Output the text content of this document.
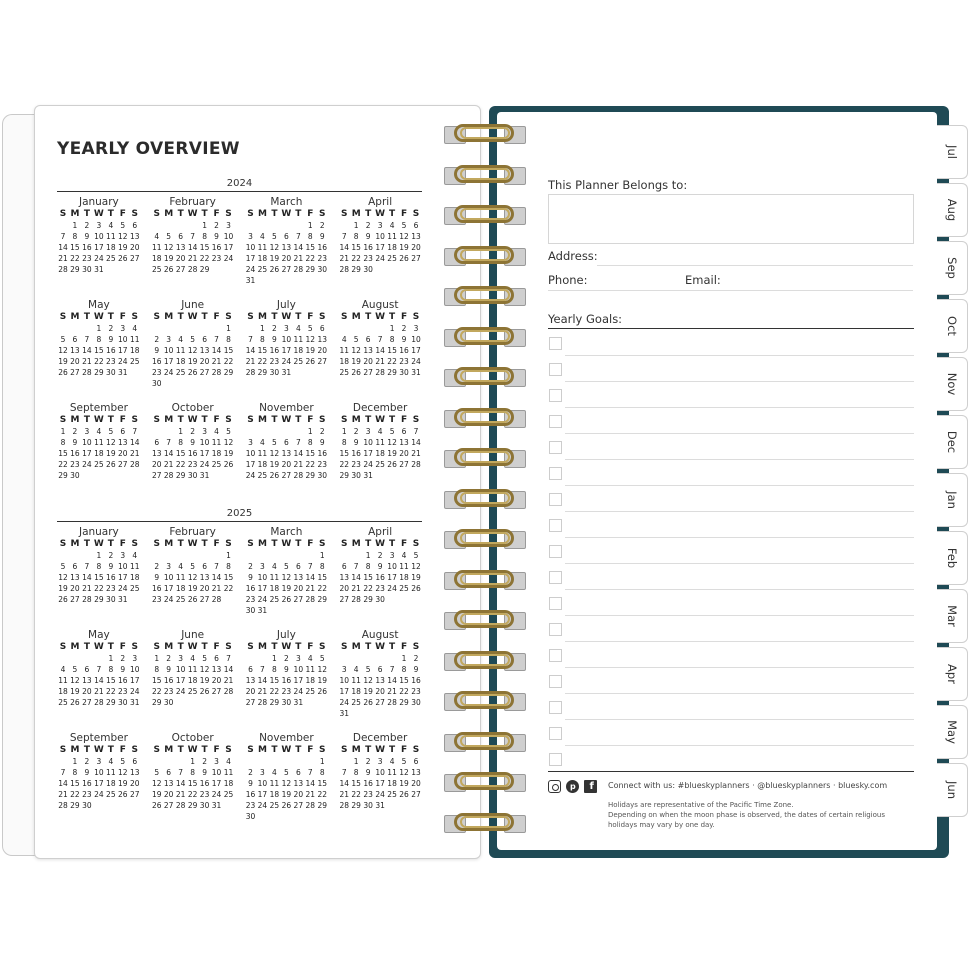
YEARLY OVERVIEW
2024
January
S M T W T F S
1 2 3 4 5 6
7 8 9 10 11 12 13
14 15 16 17 18 19 20
21 22 23 24 25 26 27
28 29 30 31
February
S M T W T F S
1 2 3
4 5 6 7 8 9 10
11 12 13 14 15 16 17
18 19 20 21 22 23 24
25 26 27 28 29
March
S M T W T F S
1 2
3 4 5 6 7 8 9
10 11 12 13 14 15 16
17 18 19 20 21 22 23
24 25 26 27 28 29 30
31
April
S M T W T F S
1 2 3 4 5 6
7 8 9 10 11 12 13
14 15 16 17 18 19 20
21 22 23 24 25 26 27
28 29 30
May
S M T W T F S
1 2 3 4
5 6 7 8 9 10 11
12 13 14 15 16 17 18
19 20 21 22 23 24 25
26 27 28 29 30 31
June
S M T W T F S
1
2 3 4 5 6 7 8
9 10 11 12 13 14 15
16 17 18 19 20 21 22
23 24 25 26 27 28 29
30
July
S M T W T F S
1 2 3 4 5 6
7 8 9 10 11 12 13
14 15 16 17 18 19 20
21 22 23 24 25 26 27
28 29 30 31
August
S M T W T F S
1 2 3
4 5 6 7 8 9 10
11 12 13 14 15 16 17
18 19 20 21 22 23 24
25 26 27 28 29 30 31
September
S M T W T F S
1 2 3 4 5 6 7
8 9 10 11 12 13 14
15 16 17 18 19 20 21
22 23 24 25 26 27 28
29 30
October
S M T W T F S
1 2 3 4 5
6 7 8 9 10 11 12
13 14 15 16 17 18 19
20 21 22 23 24 25 26
27 28 29 30 31
November
S M T W T F S
1 2
3 4 5 6 7 8 9
10 11 12 13 14 15 16
17 18 19 20 21 22 23
24 25 26 27 28 29 30
December
S M T W T F S
1 2 3 4 5 6 7
8 9 10 11 12 13 14
15 16 17 18 19 20 21
22 23 24 25 26 27 28
29 30 31
2025
January
S M T W T F S
1 2 3 4
5 6 7 8 9 10 11
12 13 14 15 16 17 18
19 20 21 22 23 24 25
26 27 28 29 30 31
February
S M T W T F S
1
2 3 4 5 6 7 8
9 10 11 12 13 14 15
16 17 18 19 20 21 22
23 24 25 26 27 28
March
S M T W T F S
1
2 3 4 5 6 7 8
9 10 11 12 13 14 15
16 17 18 19 20 21 22
23 24 25 26 27 28 29
30 31
April
S M T W T F S
1 2 3 4 5
6 7 8 9 10 11 12
13 14 15 16 17 18 19
20 21 22 23 24 25 26
27 28 29 30
May
S M T W T F S
1 2 3
4 5 6 7 8 9 10
11 12 13 14 15 16 17
18 19 20 21 22 23 24
25 26 27 28 29 30 31
June
S M T W T F S
1 2 3 4 5 6 7
8 9 10 11 12 13 14
15 16 17 18 19 20 21
22 23 24 25 26 27 28
29 30
July
S M T W T F S
1 2 3 4 5
6 7 8 9 10 11 12
13 14 15 16 17 18 19
20 21 22 23 24 25 26
27 28 29 30 31
August
S M T W T F S
1 2
3 4 5 6 7 8 9
10 11 12 13 14 15 16
17 18 19 20 21 22 23
24 25 26 27 28 29 30
31
September
S M T W T F S
1 2 3 4 5 6
7 8 9 10 11 12 13
14 15 16 17 18 19 20
21 22 23 24 25 26 27
28 29 30
October
S M T W T F S
1 2 3 4
5 6 7 8 9 10 11
12 13 14 15 16 17 18
19 20 21 22 23 24 25
26 27 28 29 30 31
November
S M T W T F S
1
2 3 4 5 6 7 8
9 10 11 12 13 14 15
16 17 18 19 20 21 22
23 24 25 26 27 28 29
30
December
S M T W T F S
1 2 3 4 5 6
7 8 9 10 11 12 13
14 15 16 17 18 19 20
21 22 23 24 25 26 27
28 29 30 31
Jul
Aug
Sep
Oct
Nov
Dec
Jan
Feb
Mar
Apr
May
Jun
This Planner Belongs to:
Address:
Phone:	Email:
Yearly Goals:
p f Connect with us: #blueskyplanners · @blueskyplanners · bluesky.com
Holidays are representative of the Pacific Time Zone.
Depending on when the moon phase is observed, the dates of certain religious
holidays may vary by one day.
